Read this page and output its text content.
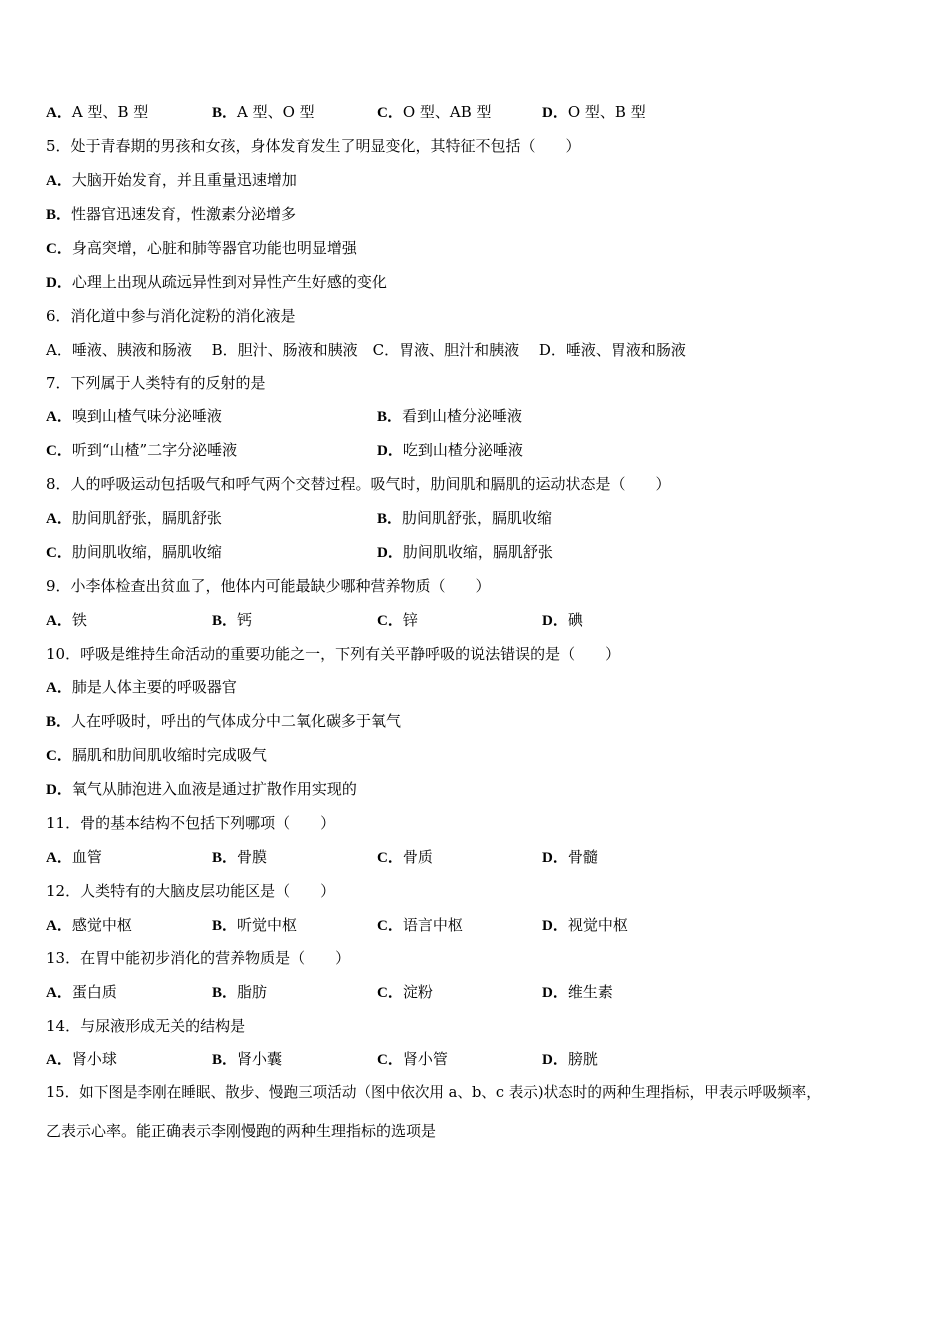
A．A 型、B 型	B．A 型、O 型	C．O 型、AB 型	D．O 型、B 型
5．处于青春期的男孩和女孩，身体发育发生了明显变化，其特征不包括（　　）
A．大脑开始发育，并且重量迅速增加
B．性器官迅速发育，性激素分泌增多
C．身高突增，心脏和肺等器官功能也明显增强
D．心理上出现从疏远异性到对异性产生好感的变化
6．消化道中参与消化淀粉的消化液是
A．唾液、胰液和肠液　 B．胆汁、肠液和胰液　C．胃液、胆汁和胰液　 D．唾液、胃液和肠液
7．下列属于人类特有的反射的是
A．嗅到山楂气味分泌唾液	B．看到山楂分泌唾液
C．听到“山楂”二字分泌唾液	D．吃到山楂分泌唾液
8．人的呼吸运动包括吸气和呼气两个交替过程。吸气时，肋间肌和膈肌的运动状态是（　　）
A．肋间肌舒张，膈肌舒张	B．肋间肌舒张，膈肌收缩
C．肋间肌收缩，膈肌收缩	D．肋间肌收缩，膈肌舒张
9．小李体检查出贫血了，他体内可能最缺少哪种营养物质（　　）
A．铁	B．钙	C．锌	D．碘
10．呼吸是维持生命活动的重要功能之一，下列有关平静呼吸的说法错误的是（　　）
A．肺是人体主要的呼吸器官
B．人在呼吸时，呼出的气体成分中二氧化碳多于氧气
C．膈肌和肋间肌收缩时完成吸气
D．氧气从肺泡进入血液是通过扩散作用实现的
11．骨的基本结构不包括下列哪项（　　）
A．血管	B．骨膜	C．骨质	D．骨髓
12．人类特有的大脑皮层功能区是（　　）
A．感觉中枢	B．听觉中枢	C．语言中枢	D．视觉中枢
13．在胃中能初步消化的营养物质是（　　）
A．蛋白质	B．脂肪	C．淀粉	D．维生素
14．与尿液形成无关的结构是
A．肾小球	B．肾小囊	C．肾小管	D．膀胱
15．如下图是李刚在睡眠、散步、慢跑三项活动（图中依次用 a、b、c 表示)状态时的两种生理指标，甲表示呼吸频率，
乙表示心率。能正确表示李刚慢跑的两种生理指标的选项是
